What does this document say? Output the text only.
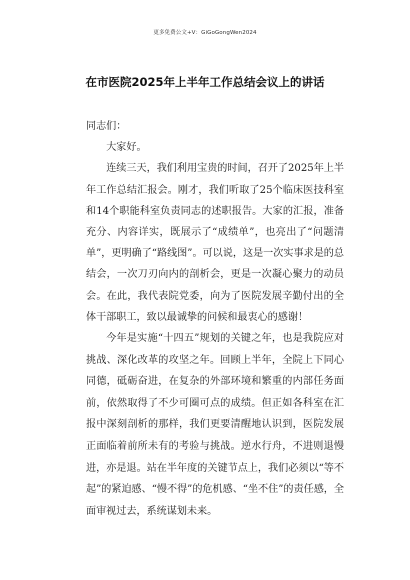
更多免费公文+V：GiGoGongWen2024
在市医院2025年上半年工作总结会议上的讲话

同志们：

大家好。

连续三天，我们利用宝贵的时间，召开了2025年上半年工作总结汇报会。刚才，我们听取了25个临床医技科室和14个职能科室负责同志的述职报告。大家的汇报，准备充分、内容详实，既展示了“成绩单”，也亮出了“问题清单”，更明确了“路线图”。可以说，这是一次实事求是的总结会，一次刀刃向内的剖析会，更是一次凝心聚力的动员会。在此，我代表院党委，向为了医院发展辛勤付出的全体干部职工，致以最诚挚的问候和最衷心的感谢！

今年是实施“十四五”规划的关键之年，也是我院应对挑战、深化改革的攻坚之年。回顾上半年，全院上下同心同德，砥砺奋进，在复杂的外部环境和繁重的内部任务面前，依然取得了不少可圈可点的成绩。但正如各科室在汇报中深刻剖析的那样，我们更要清醒地认识到，医院发展正面临着前所未有的考验与挑战。逆水行舟，不进则退慢进，亦是退。站在半年度的关键节点上，我们必须以“等不起”的紧迫感、“慢不得”的危机感、“坐不住”的责任感，全面审视过去，系统谋划未来。
